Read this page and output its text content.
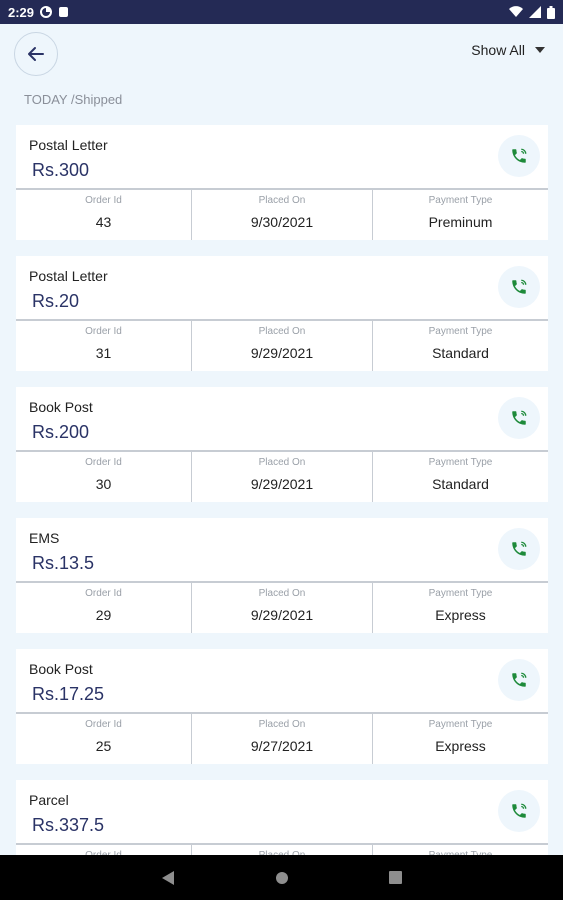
2:29
Show All
TODAY /Shipped
Postal Letter
Rs.300
Order Id
43
Placed On
9/30/2021
Payment Type
Preminum
Postal Letter
Rs.20
Order Id
31
Placed On
9/29/2021
Payment Type
Standard
Book Post
Rs.200
Order Id
30
Placed On
9/29/2021
Payment Type
Standard
EMS
Rs.13.5
Order Id
29
Placed On
9/29/2021
Payment Type
Express
Book Post
Rs.17.25
Order Id
25
Placed On
9/27/2021
Payment Type
Express
Parcel
Rs.337.5
